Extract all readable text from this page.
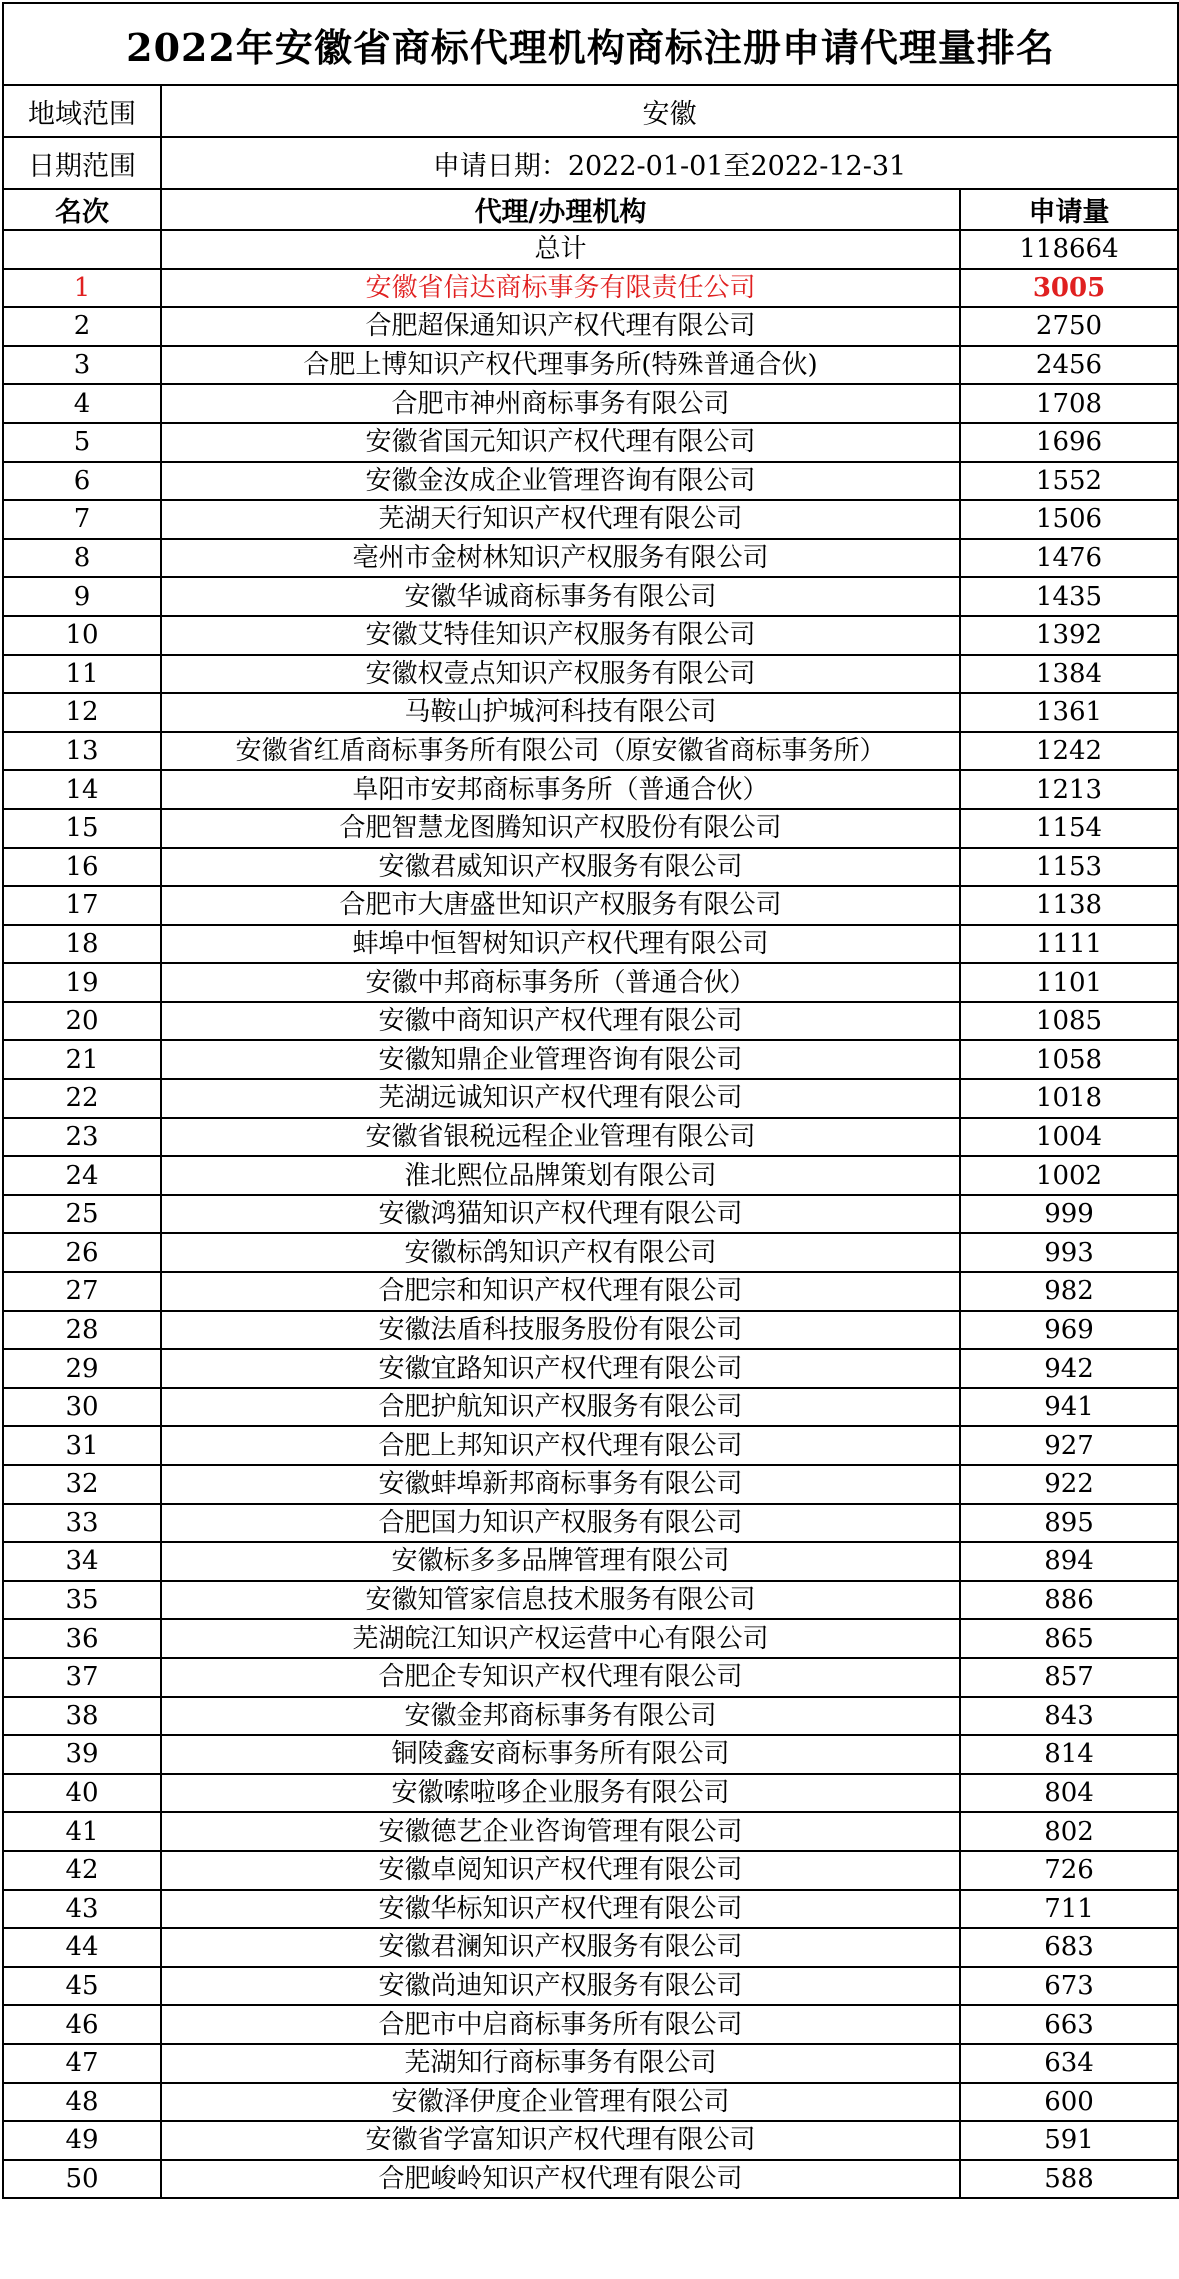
2022年安徽省商标代理机构商标注册申请代理量排名		
地域范围	安徽	
日期范围	申请日期：2022-01-01至2022-12-31	
名次	代理/办理机构	申请量
	总计	118664
1	安徽省信达商标事务有限责任公司	3005
2	合肥超保通知识产权代理有限公司	2750
3	合肥上博知识产权代理事务所(特殊普通合伙)	2456
4	合肥市神州商标事务有限公司	1708
5	安徽省国元知识产权代理有限公司	1696
6	安徽金汝成企业管理咨询有限公司	1552
7	芜湖天行知识产权代理有限公司	1506
8	亳州市金树林知识产权服务有限公司	1476
9	安徽华诚商标事务有限公司	1435
10	安徽艾特佳知识产权服务有限公司	1392
11	安徽权壹点知识产权服务有限公司	1384
12	马鞍山护城河科技有限公司	1361
13	安徽省红盾商标事务所有限公司（原安徽省商标事务所）	1242
14	阜阳市安邦商标事务所（普通合伙）	1213
15	合肥智慧龙图腾知识产权股份有限公司	1154
16	安徽君威知识产权服务有限公司	1153
17	合肥市大唐盛世知识产权服务有限公司	1138
18	蚌埠中恒智树知识产权代理有限公司	1111
19	安徽中邦商标事务所（普通合伙）	1101
20	安徽中商知识产权代理有限公司	1085
21	安徽知鼎企业管理咨询有限公司	1058
22	芜湖远诚知识产权代理有限公司	1018
23	安徽省银税远程企业管理有限公司	1004
24	淮北熙位品牌策划有限公司	1002
25	安徽鸿猫知识产权代理有限公司	999
26	安徽标鸽知识产权有限公司	993
27	合肥宗和知识产权代理有限公司	982
28	安徽法盾科技服务股份有限公司	969
29	安徽宜路知识产权代理有限公司	942
30	合肥护航知识产权服务有限公司	941
31	合肥上邦知识产权代理有限公司	927
32	安徽蚌埠新邦商标事务有限公司	922
33	合肥国力知识产权服务有限公司	895
34	安徽标多多品牌管理有限公司	894
35	安徽知管家信息技术服务有限公司	886
36	芜湖皖江知识产权运营中心有限公司	865
37	合肥企专知识产权代理有限公司	857
38	安徽金邦商标事务有限公司	843
39	铜陵鑫安商标事务所有限公司	814
40	安徽嗦啦哆企业服务有限公司	804
41	安徽德艺企业咨询管理有限公司	802
42	安徽卓阅知识产权代理有限公司	726
43	安徽华标知识产权代理有限公司	711
44	安徽君澜知识产权服务有限公司	683
45	安徽尚迪知识产权服务有限公司	673
46	合肥市中启商标事务所有限公司	663
47	芜湖知行商标事务有限公司	634
48	安徽泽伊度企业管理有限公司	600
49	安徽省学富知识产权代理有限公司	591
50	合肥峻岭知识产权代理有限公司	588
